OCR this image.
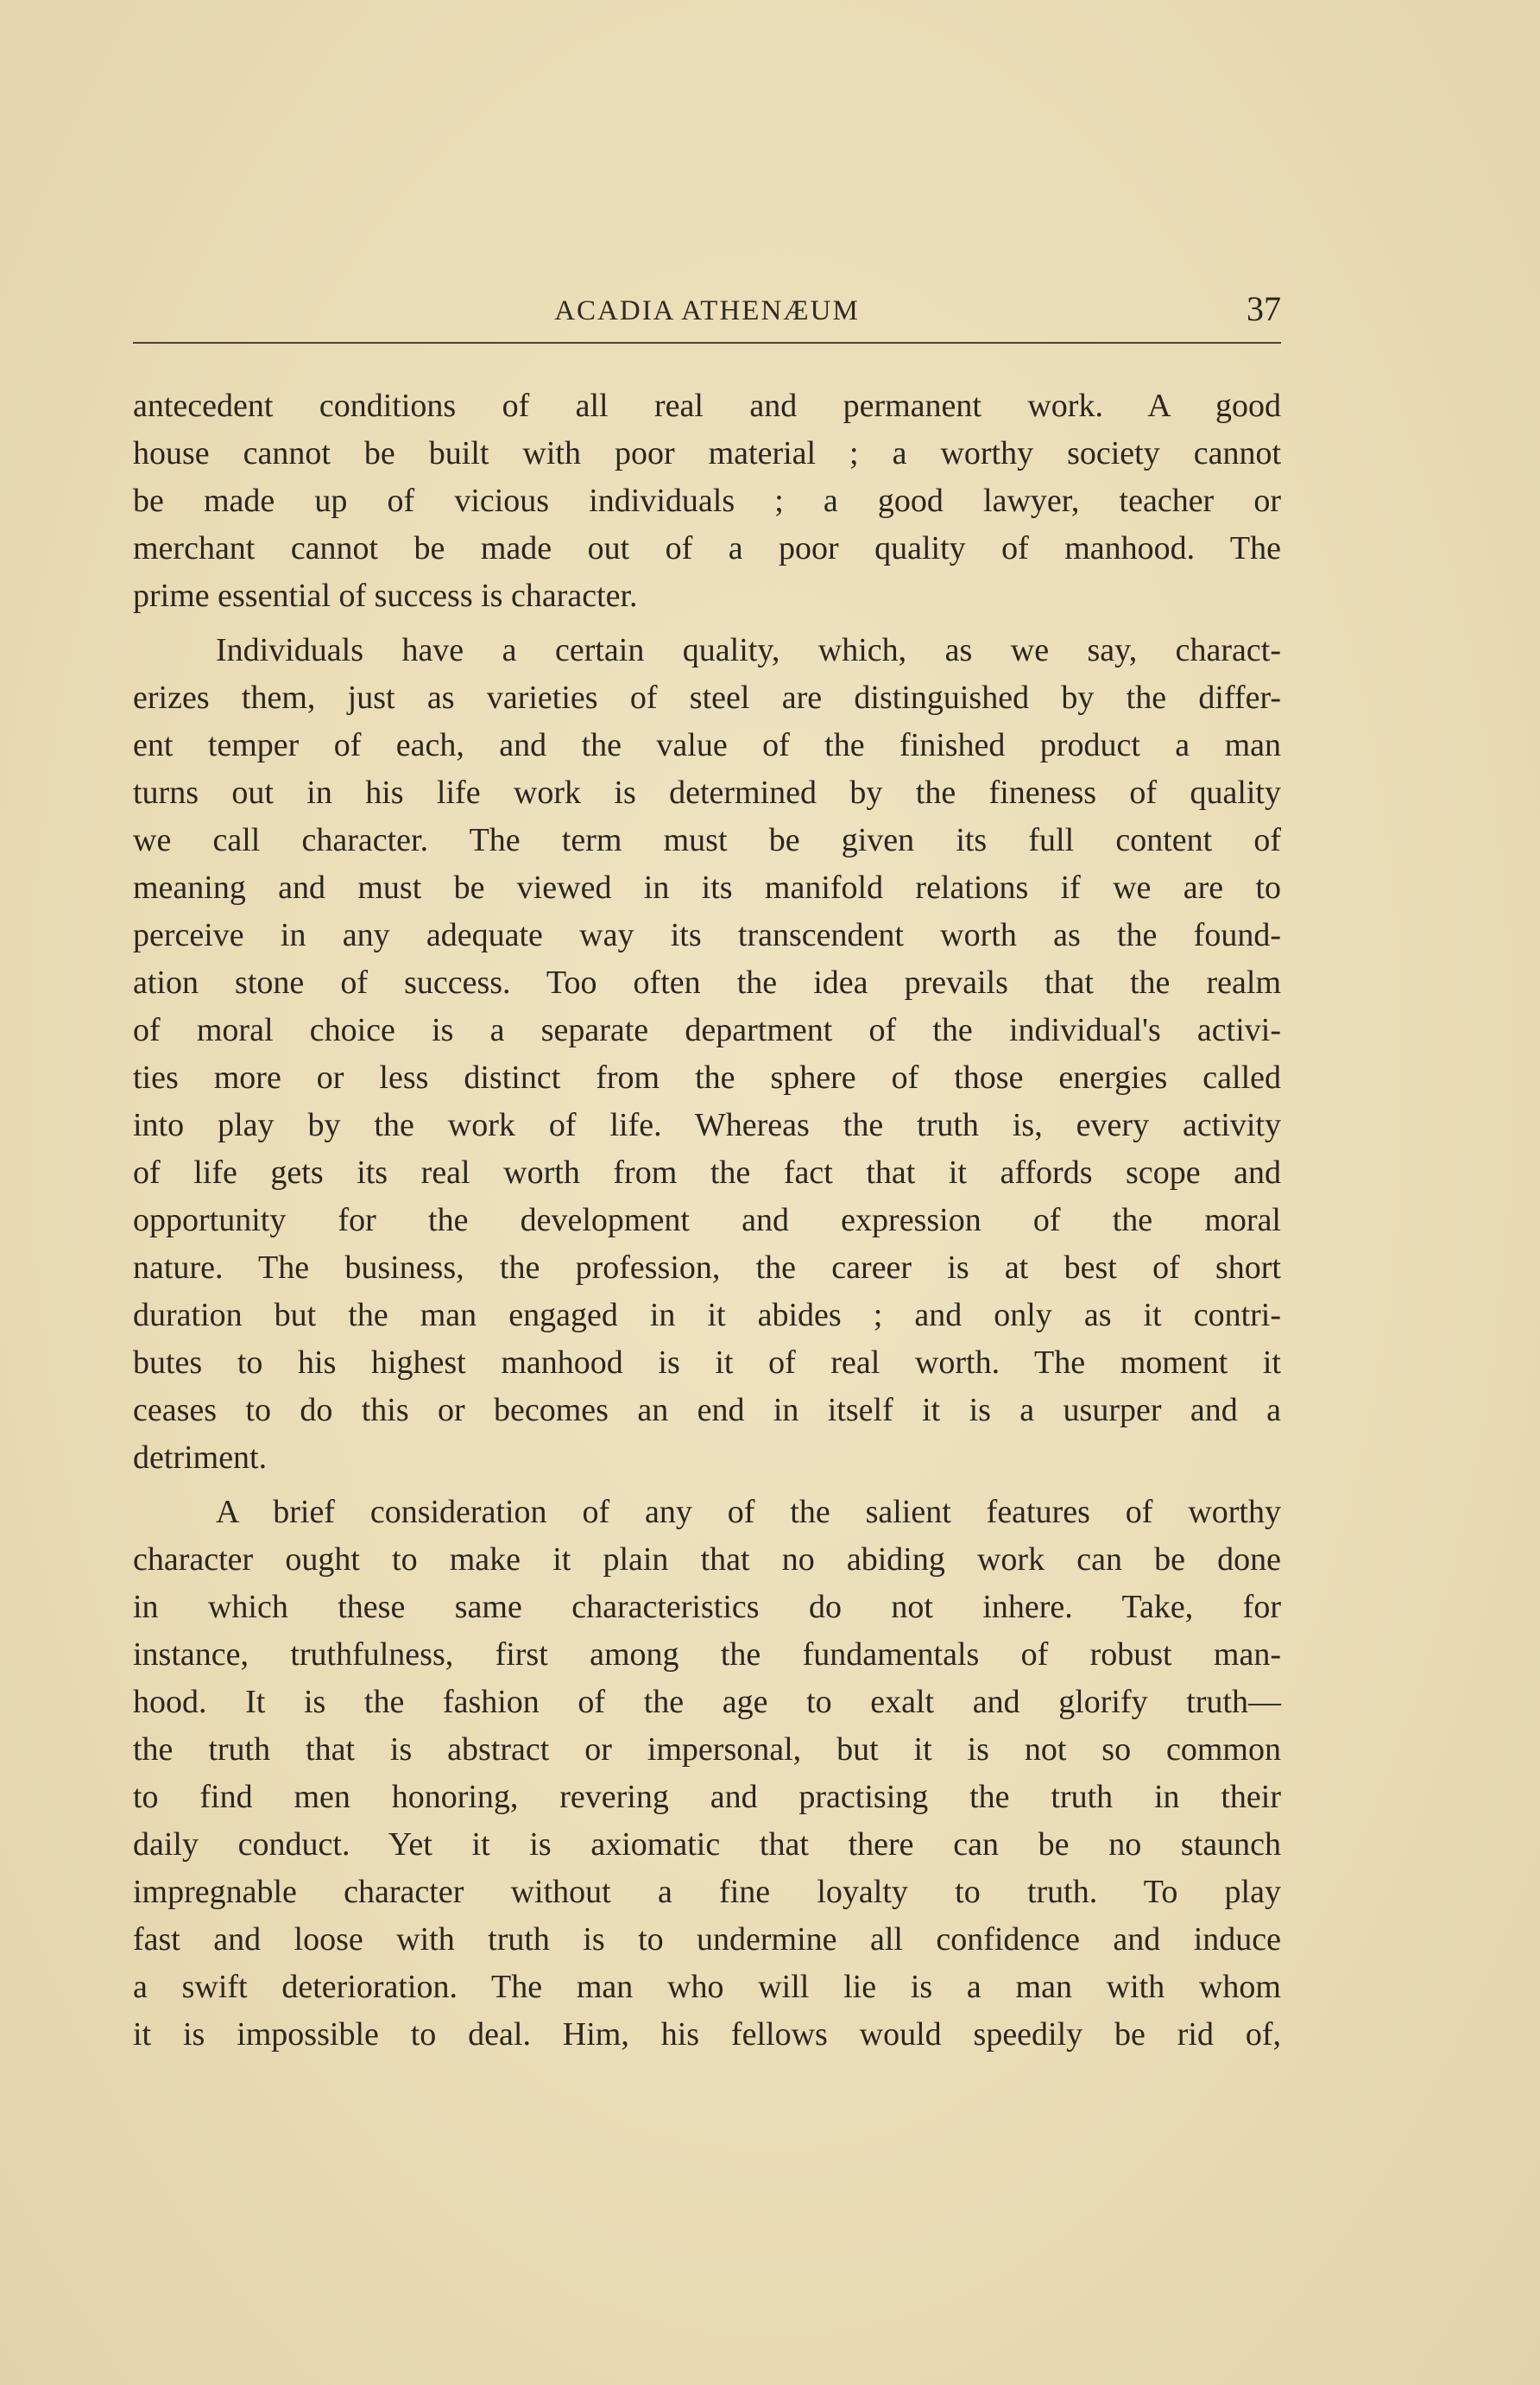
ACADIA ATHENÆUM	37
antecedent conditions of all real and permanent work. A good
house cannot be built with poor material ; a worthy society cannot
be made up of vicious individuals ; a good lawyer, teacher or
merchant cannot be made out of a poor quality of manhood. The
prime essential of success is character.
Individuals have a certain quality, which, as we say, charact-
erizes them, just as varieties of steel are distinguished by the differ-
ent temper of each, and the value of the finished product a man
turns out in his life work is determined by the fineness of quality
we call character. The term must be given its full content of
meaning and must be viewed in its manifold relations if we are to
perceive in any adequate way its transcendent worth as the found-
ation stone of success. Too often the idea prevails that the realm
of moral choice is a separate department of the individual's activi-
ties more or less distinct from the sphere of those energies called
into play by the work of life. Whereas the truth is, every activity
of life gets its real worth from the fact that it affords scope and
opportunity for the development and expression of the moral
nature. The business, the profession, the career is at best of short
duration but the man engaged in it abides ; and only as it contri-
butes to his highest manhood is it of real worth. The moment it
ceases to do this or becomes an end in itself it is a usurper and a
detriment.
A brief consideration of any of the salient features of worthy
character ought to make it plain that no abiding work can be done
in which these same characteristics do not inhere. Take, for
instance, truthfulness, first among the fundamentals of robust man-
hood. It is the fashion of the age to exalt and glorify truth—
the truth that is abstract or impersonal, but it is not so common
to find men honoring, revering and practising the truth in their
daily conduct. Yet it is axiomatic that there can be no staunch
impregnable character without a fine loyalty to truth. To play
fast and loose with truth is to undermine all confidence and induce
a swift deterioration. The man who will lie is a man with whom
it is impossible to deal. Him, his fellows would speedily be rid of,
